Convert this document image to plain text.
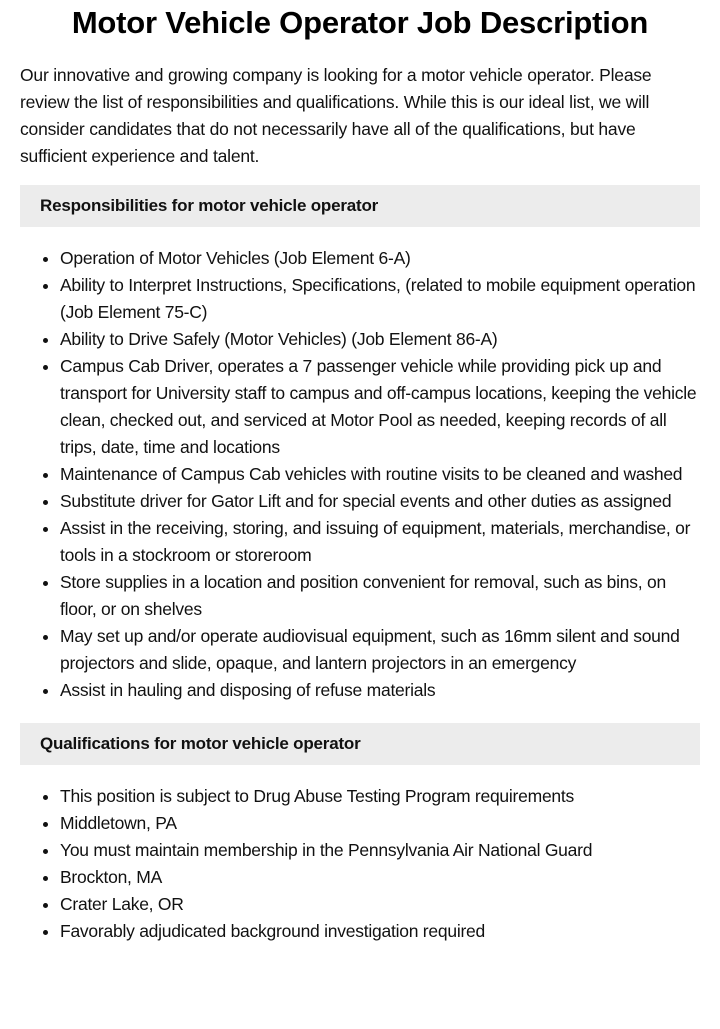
Motor Vehicle Operator Job Description

Our innovative and growing company is looking for a motor vehicle operator. Please review the list of responsibilities and qualifications. While this is our ideal list, we will consider candidates that do not necessarily have all of the qualifications, but have sufficient experience and talent.

Responsibilities for motor vehicle operator
Operation of Motor Vehicles (Job Element 6-A)
Ability to Interpret Instructions, Specifications, (related to mobile equipment operation (Job Element 75-C)
Ability to Drive Safely (Motor Vehicles) (Job Element 86-A)
Campus Cab Driver, operates a 7 passenger vehicle while providing pick up and transport for University staff to campus and off-campus locations, keeping the vehicle clean, checked out, and serviced at Motor Pool as needed, keeping records of all trips, date, time and locations
Maintenance of Campus Cab vehicles with routine visits to be cleaned and washed
Substitute driver for Gator Lift and for special events and other duties as assigned
Assist in the receiving, storing, and issuing of equipment, materials, merchandise, or tools in a stockroom or storeroom
Store supplies in a location and position convenient for removal, such as bins, on floor, or on shelves
May set up and/or operate audiovisual equipment, such as 16mm silent and sound projectors and slide, opaque, and lantern projectors in an emergency
Assist in hauling and disposing of refuse materials
Qualifications for motor vehicle operator
This position is subject to Drug Abuse Testing Program requirements
Middletown, PA
You must maintain membership in the Pennsylvania Air National Guard
Brockton, MA
Crater Lake, OR
Favorably adjudicated background investigation required
